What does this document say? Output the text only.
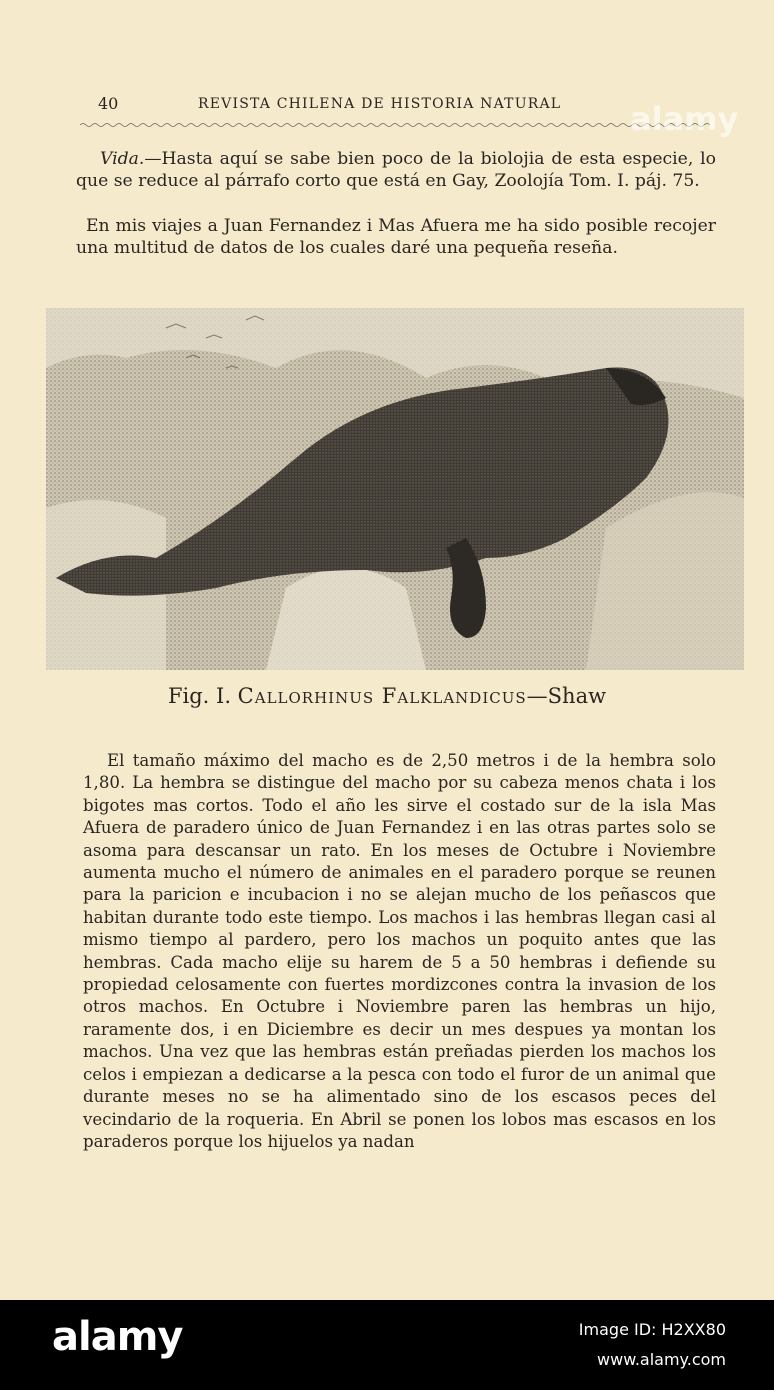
40	REVISTA CHILENA DE HISTORIA NATURAL

Vida.—Hasta aquí se sabe bien poco de la biolojia de esta especie, lo que se reduce al párrafo corto que está en Gay, Zoolojía Tom. I. páj. 75.

En mis viajes a Juan Fernandez i Mas Afuera me ha sido posible recojer una multitud de datos de los cuales daré una pequeña reseña.

Fig. I. Callorhinus Falklandicus—Shaw

El tamaño máximo del macho es de 2,50 metros i de la hembra solo 1,80. La hembra se distingue del macho por su cabeza menos chata i los bigotes mas cortos. Todo el año les sirve el costado sur de la isla Mas Afuera de paradero único de Juan Fernandez i en las otras partes solo se asoma para descansar un rato. En los meses de Octubre i Noviembre aumenta mucho el número de animales en el paradero porque se reunen para la paricion e incubacion i no se alejan mucho de los peñascos que habitan durante todo este tiempo. Los machos i las hembras llegan casi al mismo tiempo al pardero, pero los machos un poquito antes que las hembras. Cada macho elije su harem de 5 a 50 hembras i defiende su propiedad celosamente con fuertes mordizcones contra la invasion de los otros machos. En Octubre i Noviembre paren las hembras un hijo, raramente dos, i en Diciembre es decir un mes despues ya montan los machos. Una vez que las hembras están preñadas pierden los machos los celos i empiezan a dedicarse a la pesca con todo el furor de un animal que durante meses no se ha alimentado sino de los escasos peces del vecindario de la roqueria. En Abril se ponen los lobos mas escasos en los paraderos porque los hijuelos ya nadan

alamy
alamy	Image ID: H2XX80
www.alamy.com
